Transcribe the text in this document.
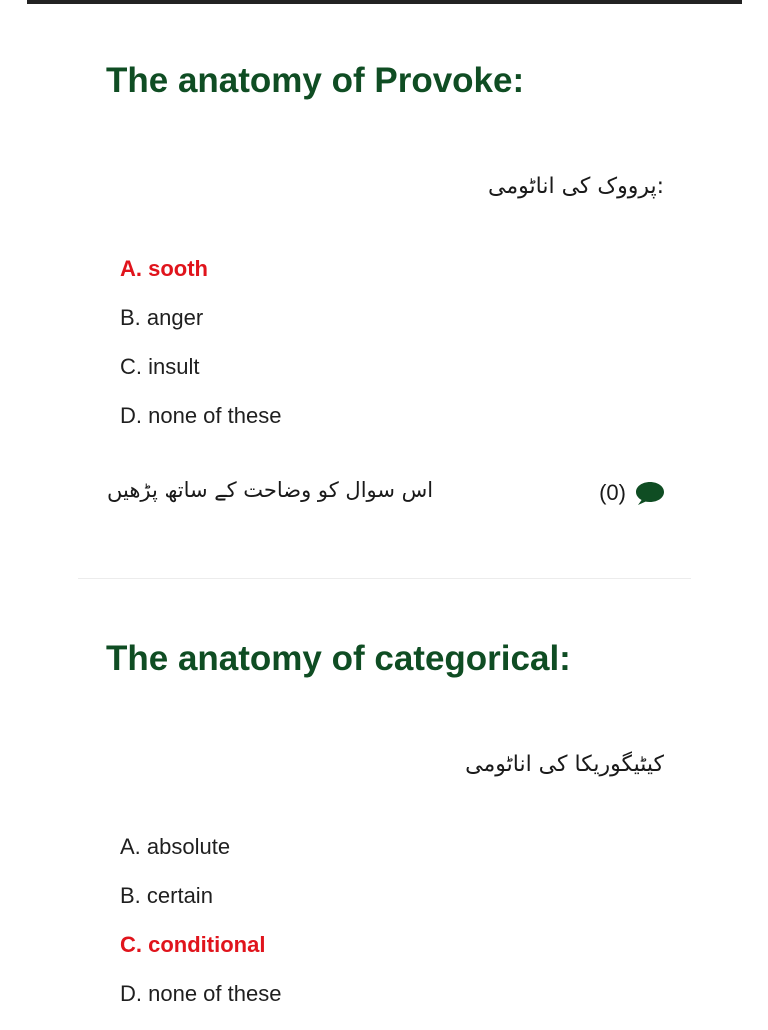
The anatomy of Provoke:
:پرووک کی اناٹومی
A. sooth
B. anger
C. insult
D. none of these
اس سوال کو وضاحت کے ساتھ پڑھیں	(0)
The anatomy of categorical:
کیٹیگوریکا کی اناٹومی
A. absolute
B. certain
C. conditional
D. none of these
